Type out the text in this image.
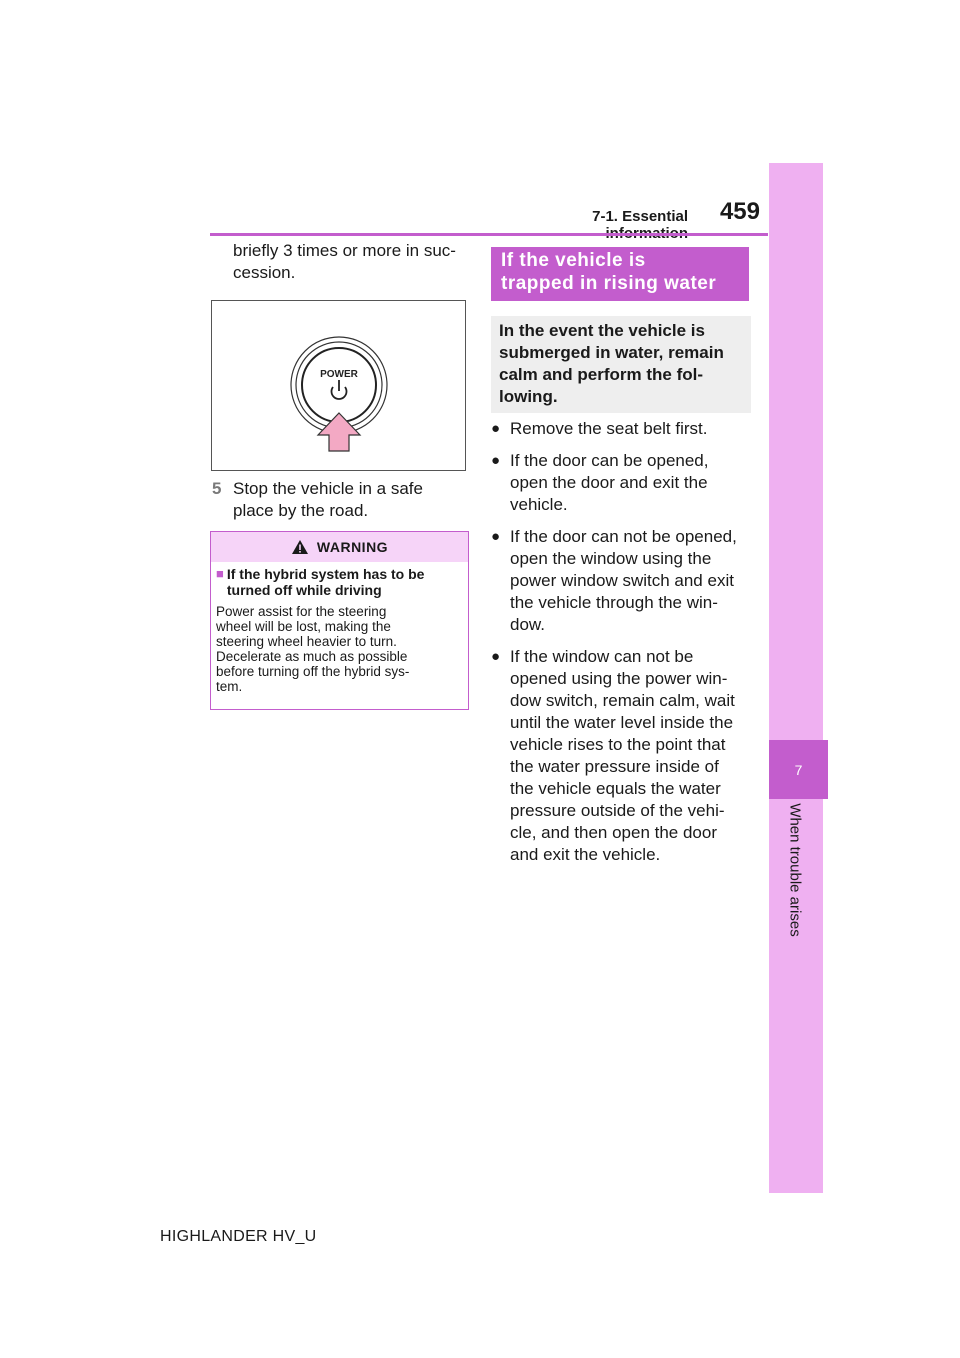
7
When trouble arises
7-1. Essential	459
briefly 3 times or more in suc-
cession.
POWER
5 Stop the vehicle in a safe
place by the road.
WARNING
■ If the hybrid system has to be
turned off while driving
Power assist for the steering
wheel will be lost, making the
steering wheel heavier to turn.
Decelerate as much as possible
before turning off the hybrid sys-
tem.
If the vehicle is
trapped in rising water
In the event the vehicle is
submerged in water, remain
calm and perform the fol-
lowing.
● Remove the seat belt first.
● If the door can be opened,
open the door and exit the
vehicle.
● If the door can not be opened,
open the window using the
power window switch and exit
the vehicle through the win-
dow.
● If the window can not be
opened using the power win-
dow switch, remain calm, wait
until the water level inside the
vehicle rises to the point that
the water pressure inside of
the vehicle equals the water
pressure outside of the vehi-
cle, and then open the door
and exit the vehicle.
HIGHLANDER HV_U
